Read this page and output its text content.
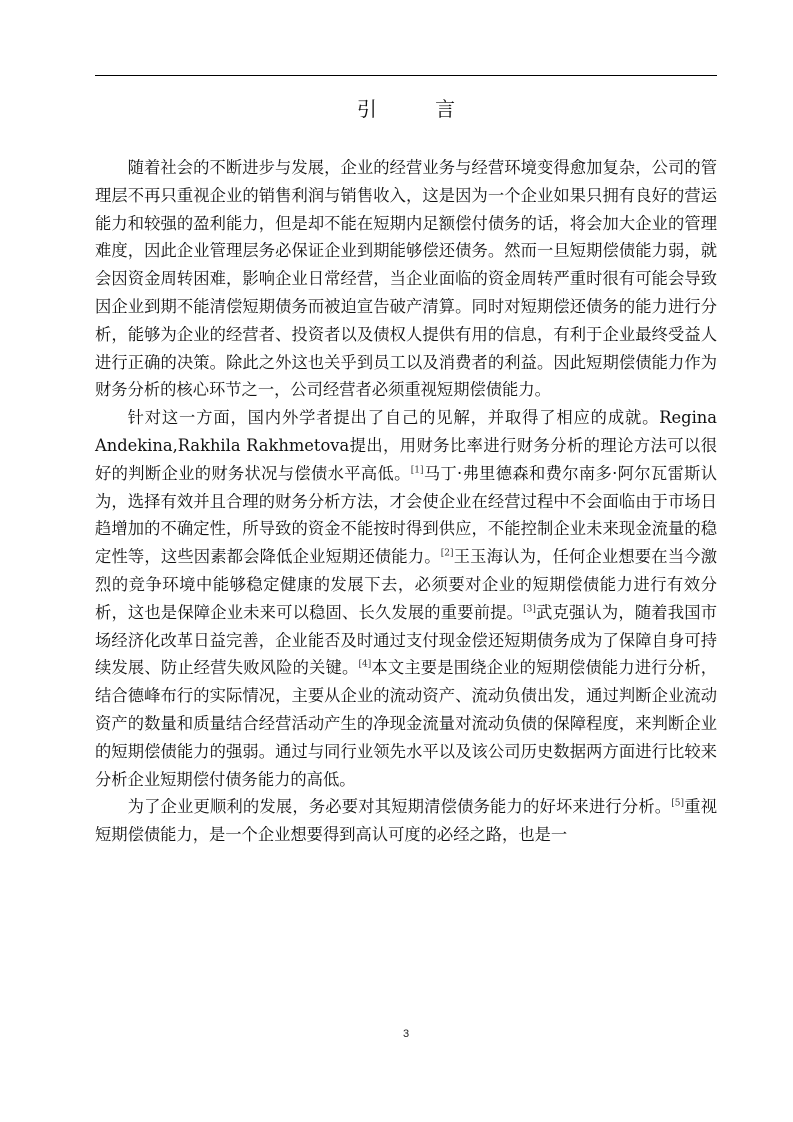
引 言

随着社会的不断进步与发展，企业的经营业务与经营环境变得愈加复杂，公司的管理层不再只重视企业的销售利润与销售收入，这是因为一个企业如果只拥有良好的营运能力和较强的盈利能力，但是却不能在短期内足额偿付债务的话，将会加大企业的管理难度，因此企业管理层务必保证企业到期能够偿还债务。然而一旦短期偿债能力弱，就会因资金周转困难，影响企业日常经营，当企业面临的资金周转严重时很有可能会导致因企业到期不能清偿短期债务而被迫宣告破产清算。同时对短期偿还债务的能力进行分析，能够为企业的经营者、投资者以及债权人提供有用的信息，有利于企业最终受益人进行正确的决策。除此之外这也关乎到员工以及消费者的利益。因此短期偿债能力作为财务分析的核心环节之一，公司经营者必须重视短期偿债能力。

针对这一方面，国内外学者提出了自己的见解，并取得了相应的成就。Regina Andekina,Rakhila Rakhmetova提出，用财务比率进行财务分析的理论方法可以很好的判断企业的财务状况与偿债水平高低。[1]马丁·弗里德森和费尔南多·阿尔瓦雷斯认为，选择有效并且合理的财务分析方法，才会使企业在经营过程中不会面临由于市场日趋增加的不确定性，所导致的资金不能按时得到供应，不能控制企业未来现金流量的稳定性等，这些因素都会降低企业短期还债能力。[2]王玉海认为，任何企业想要在当今激烈的竞争环境中能够稳定健康的发展下去，必须要对企业的短期偿债能力进行有效分析，这也是保障企业未来可以稳固、长久发展的重要前提。[3]武克强认为，随着我国市场经济化改革日益完善，企业能否及时通过支付现金偿还短期债务成为了保障自身可持续发展、防止经营失败风险的关键。[4]本文主要是围绕企业的短期偿债能力进行分析，结合德峰布行的实际情况，主要从企业的流动资产、流动负债出发，通过判断企业流动资产的数量和质量结合经营活动产生的净现金流量对流动负债的保障程度，来判断企业的短期偿债能力的强弱。通过与同行业领先水平以及该公司历史数据两方面进行比较来分析企业短期偿付债务能力的高低。

为了企业更顺利的发展，务必要对其短期清偿债务能力的好坏来进行分析。[5]重视短期偿债能力，是一个企业想要得到高认可度的必经之路，也是一

3
